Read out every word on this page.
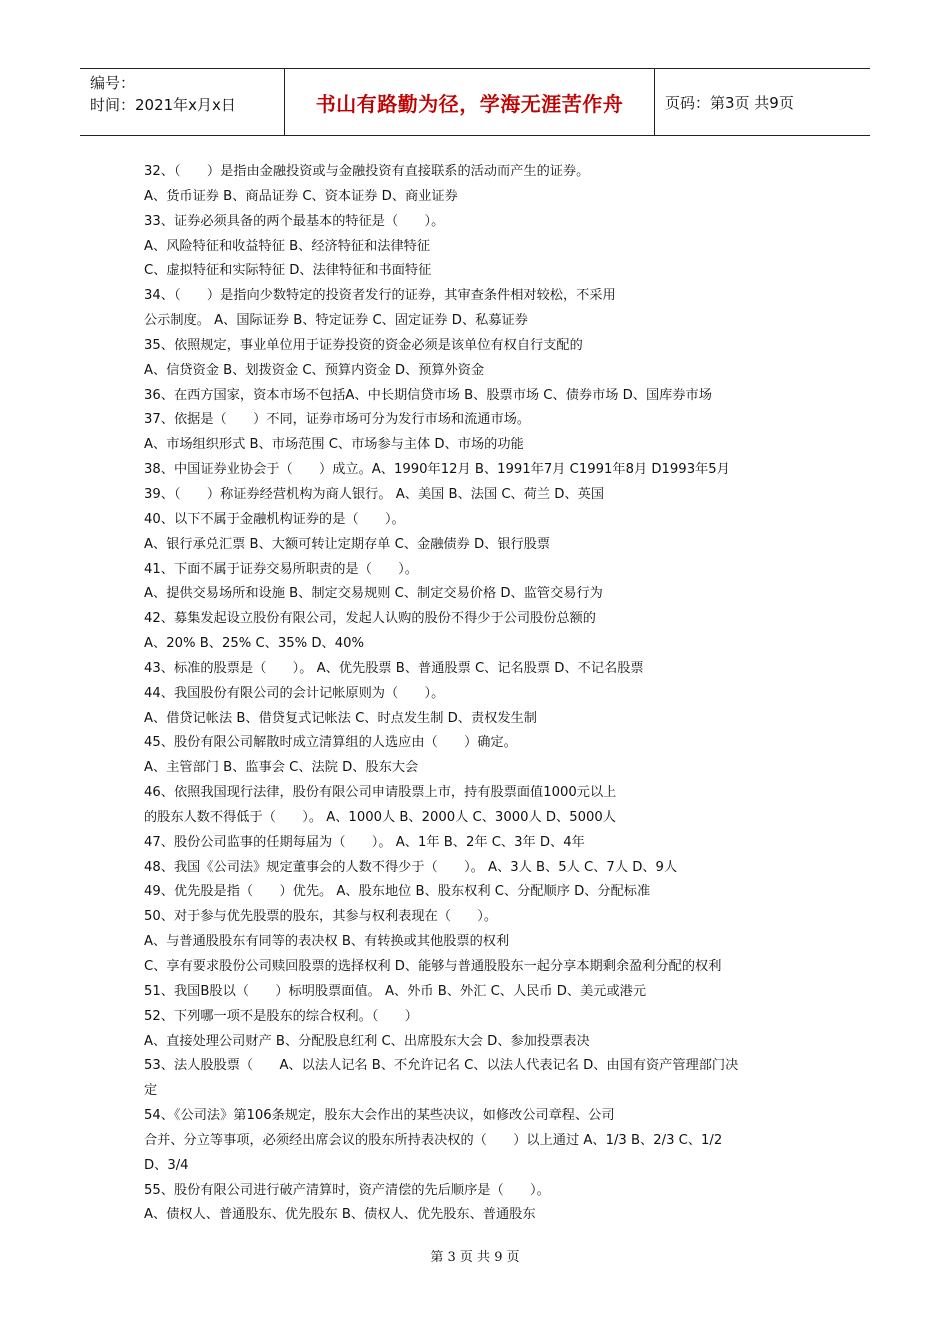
编号：
时间：2021年x月x日	书山有路勤为径，学海无涯苦作舟	页码：第3页 共9页

32、（　　）是指由金融投资或与金融投资有直接联系的活动而产生的证券。

A、货币证券 B、商品证券 C、资本证券 D、商业证券

33、证券必须具备的两个最基本的特征是（　　）。

A、风险特征和收益特征 B、经济特征和法律特征

C、虚拟特征和实际特征 D、法律特征和书面特征

34、（　　）是指向少数特定的投资者发行的证券，其审查条件相对较松，不采用

公示制度。 A、国际证券 B、特定证券 C、固定证券 D、私募证券

35、依照规定，事业单位用于证券投资的资金必须是该单位有权自行支配的

A、信贷资金 B、划拨资金 C、预算内资金 D、预算外资金

36、在西方国家，资本市场不包括A、中长期信贷市场 B、股票市场 C、债券市场 D、国库券市场

37、依据是（　　）不同，证券市场可分为发行市场和流通市场。

A、市场组织形式 B、市场范围 C、市场参与主体 D、市场的功能

38、中国证券业协会于（　　）成立。A、1990年12月 B、1991年7月 C1991年8月 D1993年5月

39、（　　）称证券经营机构为商人银行。 A、美国 B、法国 C、荷兰 D、英国

40、以下不属于金融机构证券的是（　　）。

A、银行承兑汇票 B、大额可转让定期存单 C、金融债券 D、银行股票

41、下面不属于证券交易所职责的是（　　）。

A、提供交易场所和设施 B、制定交易规则 C、制定交易价格 D、监管交易行为

42、募集发起设立股份有限公司，发起人认购的股份不得少于公司股份总额的

A、20% B、25% C、35% D、40%

43、标准的股票是（　　）。 A、优先股票 B、普通股票 C、记名股票 D、不记名股票

44、我国股份有限公司的会计记帐原则为（　　）。

A、借贷记帐法 B、借贷复式记帐法 C、时点发生制 D、责权发生制

45、股份有限公司解散时成立清算组的人选应由（　　）确定。

A、主管部门 B、监事会 C、法院 D、股东大会

46、依照我国现行法律，股份有限公司申请股票上市，持有股票面值1000元以上

的股东人数不得低于（　　）。 A、1000人 B、2000人 C、3000人 D、5000人

47、股份公司监事的任期每届为（　　）。 A、1年 B、2年 C、3年 D、4年

48、我国《公司法》规定董事会的人数不得少于（　　）。 A、3人 B、5人 C、7人 D、9人

49、优先股是指（　　）优先。 A、股东地位 B、股东权利 C、分配顺序 D、分配标准

50、对于参与优先股票的股东，其参与权利表现在（　　）。

A、与普通股股东有同等的表决权 B、有转换或其他股票的权利

C、享有要求股份公司赎回股票的选择权利 D、能够与普通股股东一起分享本期剩余盈利分配的权利

51、我国B股以（　　）标明股票面值。 A、外币 B、外汇 C、人民币 D、美元或港元

52、下列哪一项不是股东的综合权利。（　　）

A、直接处理公司财产 B、分配股息红利 C、出席股东大会 D、参加投票表决

53、法人股股票（　　A、以法人记名 B、不允许记名 C、以法人代表记名 D、由国有资产管理部门决

定

54、《公司法》第106条规定，股东大会作出的某些决议，如修改公司章程、公司

合并、分立等事项，必须经出席会议的股东所持表决权的（　　）以上通过 A、1/3 B、2/3 C、1/2

D、3/4

55、股份有限公司进行破产清算时，资产清偿的先后顺序是（　　）。

A、债权人、普通股东、优先股东 B、债权人、优先股东、普通股东

第 3 页 共 9 页
